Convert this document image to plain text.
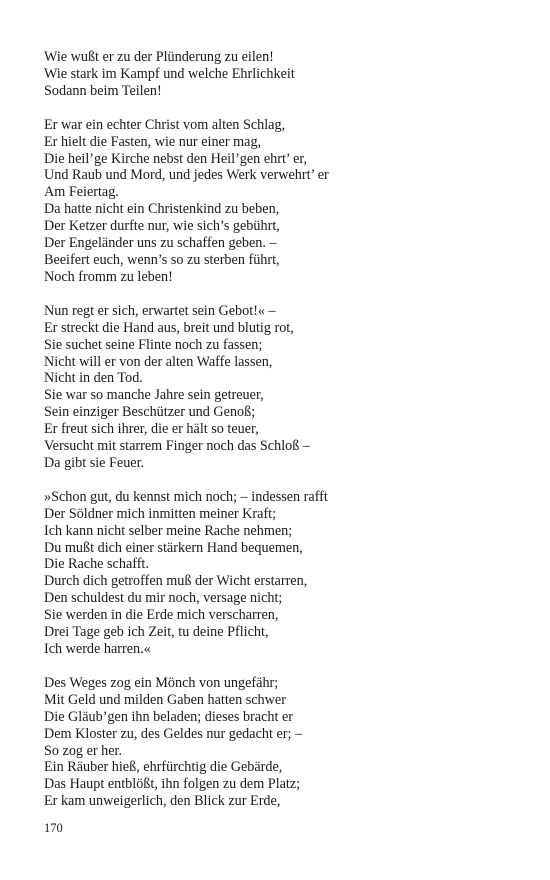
Wie wußt er zu der Plünderung zu eilen!
Wie stark im Kampf und welche Ehrlichkeit
Sodann beim Teilen!
Er war ein echter Christ vom alten Schlag,
Er hielt die Fasten, wie nur einer mag,
Die heil’ge Kirche nebst den Heil’gen ehrt’ er,
Und Raub und Mord, und jedes Werk verwehrt’ er
Am Feiertag.
Da hatte nicht ein Christenkind zu beben,
Der Ketzer durfte nur, wie sich’s gebührt,
Der Engeländer uns zu schaffen geben. –
Beeifert euch, wenn’s so zu sterben führt,
Noch fromm zu leben!
Nun regt er sich, erwartet sein Gebot!« –
Er streckt die Hand aus, breit und blutig rot,
Sie suchet seine Flinte noch zu fassen;
Nicht will er von der alten Waffe lassen,
Nicht in den Tod.
Sie war so manche Jahre sein getreuer,
Sein einziger Beschützer und Genoß;
Er freut sich ihrer, die er hält so teuer,
Versucht mit starrem Finger noch das Schloß –
Da gibt sie Feuer.
»Schon gut, du kennst mich noch; – indessen rafft
Der Söldner mich inmitten meiner Kraft;
Ich kann nicht selber meine Rache nehmen;
Du mußt dich einer stärkern Hand bequemen,
Die Rache schafft.
Durch dich getroffen muß der Wicht erstarren,
Den schuldest du mir noch, versage nicht;
Sie werden in die Erde mich verscharren,
Drei Tage geb ich Zeit, tu deine Pflicht,
Ich werde harren.«
Des Weges zog ein Mönch von ungefähr;
Mit Geld und milden Gaben hatten schwer
Die Gläub’gen ihn beladen; dieses bracht er
Dem Kloster zu, des Geldes nur gedacht er; –
So zog er her.
Ein Räuber hieß, ehrfürchtig die Gebärde,
Das Haupt entblößt, ihn folgen zu dem Platz;
Er kam unweigerlich, den Blick zur Erde,
170
